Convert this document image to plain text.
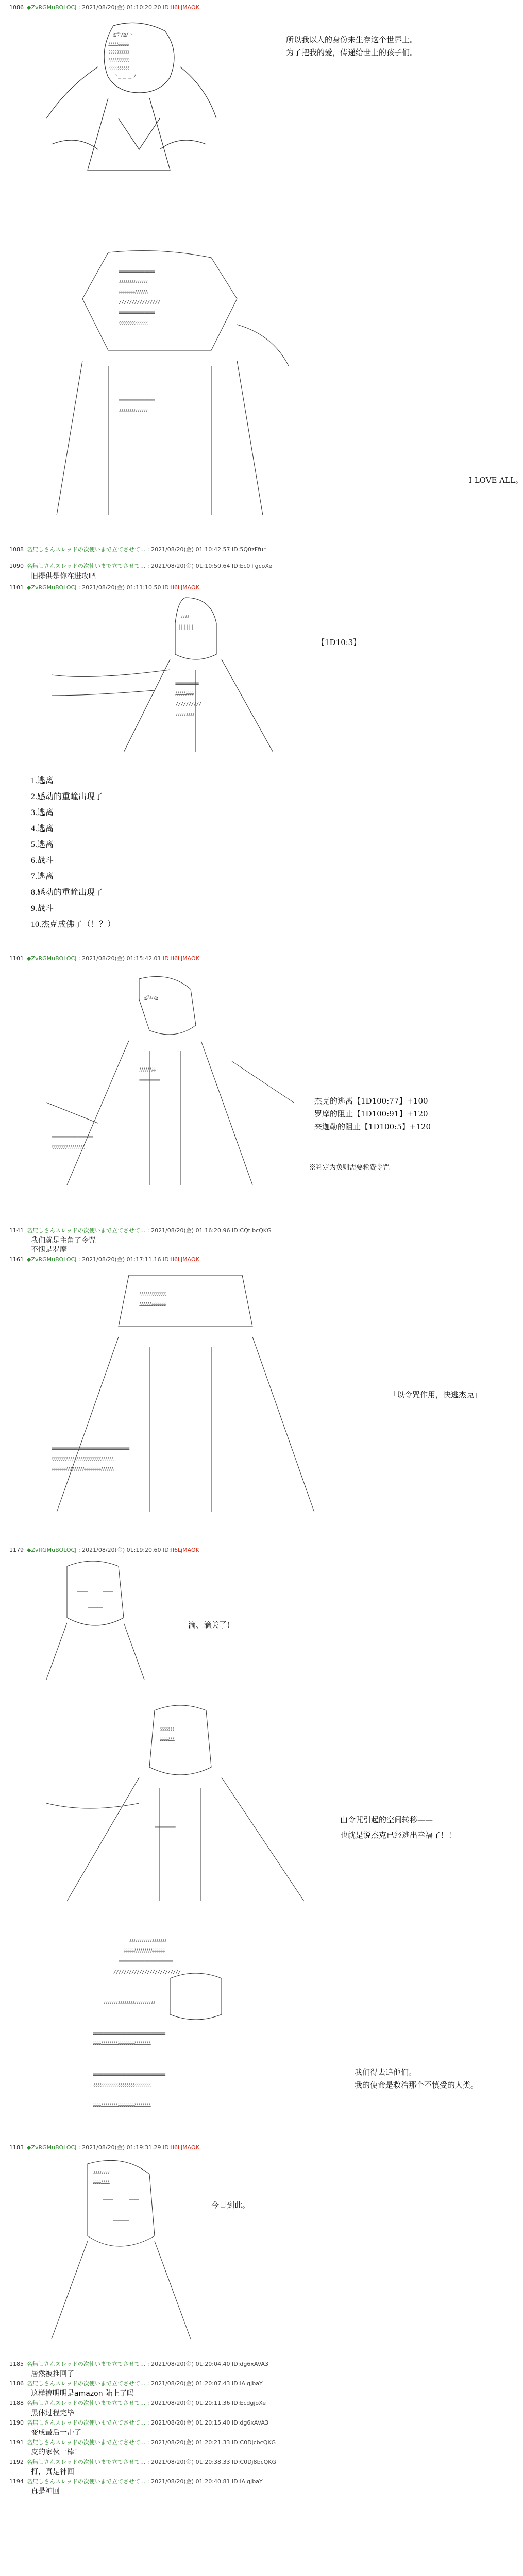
1086 ◆ZvRGMuBOLOCJ : 2021/08/20(金) 01:10:20.20 ID:II6LjMAOK
≦テ/≧/ヽ
ﾑﾑﾑﾑﾑﾑﾑﾑﾑﾑ
ﾐﾐﾐﾐﾐﾐﾐﾐﾐﾐ
ﾐﾐﾐﾐﾐﾐﾐﾐﾐﾐ
ﾐﾐﾐﾐﾐﾐﾐﾐﾐﾐ
ヽ_ _ _ /
所以我以人的身份来生存这个世界上。
为了把我的爱，传递给世上的孩子们。
≡≡≡≡≡≡≡≡≡≡≡≡≡≡
ﾐﾐﾐﾐﾐﾐﾐﾐﾐﾐﾐﾐﾐﾐ
ﾑﾑﾑﾑﾑﾑﾑﾑﾑﾑﾑﾑﾑﾑ
////////////////
≡≡≡≡≡≡≡≡≡≡≡≡≡≡
ﾐﾐﾐﾐﾐﾐﾐﾐﾐﾐﾐﾐﾐﾐ
≡≡≡≡≡≡≡≡≡≡≡≡≡≡
ﾐﾐﾐﾐﾐﾐﾐﾐﾐﾐﾐﾐﾐﾐ
I LOVE ALL。
1088 名無しさんスレッドの次使いまで立てさせて... : 2021/08/20(金) 01:10:42.57 ID:5Q0zFfur
1090 名無しさんスレッドの次使いまで立てさせて... : 2021/08/20(金) 01:10:50.64 ID:Ec0+gcoXe
旧提供是你在进攻吧
1101 ◆ZvRGMuBOLOCJ : 2021/08/20(金) 01:11:10.50 ID:II6LjMAOK
ﾐﾐﾐﾐ
||||||
≡≡≡≡≡≡≡≡≡
ﾑﾑﾑﾑﾑﾑﾑﾑﾑ
//////////
ﾐﾐﾐﾐﾐﾐﾐﾐﾐ
【1D10:3】
1.逃离
2.感动的重瞳出现了
3.逃离
4.逃离
5.逃离
6.战斗
7.逃离
8.感动的重瞳出现了
9.战斗
10.杰克成佛了（！？）
1101 ◆ZvRGMuBOLOCJ : 2021/08/20(金) 01:15:42.01 ID:II6LjMAOK
≦ﾃﾐﾐﾐ≧
ﾑﾑﾑﾑﾑﾑﾑﾑ
≡≡≡≡≡≡≡≡
≡≡≡≡≡≡≡≡≡≡≡≡≡≡≡≡
ﾐﾐﾐﾐﾐﾐﾐﾐﾐﾐﾐﾐﾐﾐﾐﾐ
杰克的逃离【1D100:77】+100
罗摩的阻止【1D100:91】+120
来迦勒的阻止【1D100:5】+120
※判定为负则需要耗费令咒
1141 名無しさんスレッドの次使いまで立てさせて... : 2021/08/20(金) 01:16:20.96 ID:CQtjbcQKG
我们就是主角了令咒
不愧是罗摩
1161 ◆ZvRGMuBOLOCJ : 2021/08/20(金) 01:17:11.16 ID:II6LjMAOK
ﾐﾐﾐﾐﾐﾐﾐﾐﾐﾐﾐﾐﾐ
ﾑﾑﾑﾑﾑﾑﾑﾑﾑﾑﾑﾑﾑ
≡≡≡≡≡≡≡≡≡≡≡≡≡≡≡≡≡≡≡≡≡≡≡≡≡≡≡≡≡≡
ﾐﾐﾐﾐﾐﾐﾐﾐﾐﾐﾐﾐﾐﾐﾐﾐﾐﾐﾐﾐﾐﾐﾐﾐﾐﾐﾐﾐﾐﾐ
ﾑﾑﾑﾑﾑﾑﾑﾑﾑﾑﾑﾑﾑﾑﾑﾑﾑﾑﾑﾑﾑﾑﾑﾑﾑﾑﾑﾑﾑﾑ
「以令咒作用，快逃杰克」
1179 ◆ZvRGMuBOLOCJ : 2021/08/20(金) 01:19:20.60 ID:II6LjMAOK
滴、滴关了!
ﾐﾐﾐﾐﾐﾐﾐ
ﾑﾑﾑﾑﾑﾑﾑ
≡≡≡≡≡≡≡≡
由令咒引起的空间转移——
也就是说杰克已经逃出幸福了！！
ﾐﾐﾐﾐﾐﾐﾐﾐﾐﾐﾐﾐﾐﾐﾐﾐﾐﾐ
ﾑﾑﾑﾑﾑﾑﾑﾑﾑﾑﾑﾑﾑﾑﾑﾑﾑﾑﾑﾑ
≡≡≡≡≡≡≡≡≡≡≡≡≡≡≡≡≡≡≡≡≡
//////////////////////////
ﾐﾐﾐﾐﾐﾐﾐﾐﾐﾐﾐﾐﾐﾐﾐﾐﾐﾐﾐﾐﾐﾐﾐﾐﾐ
≡≡≡≡≡≡≡≡≡≡≡≡≡≡≡≡≡≡≡≡≡≡≡≡≡≡≡≡
ﾑﾑﾑﾑﾑﾑﾑﾑﾑﾑﾑﾑﾑﾑﾑﾑﾑﾑﾑﾑﾑﾑﾑﾑﾑﾑﾑﾑ
≡≡≡≡≡≡≡≡≡≡≡≡≡≡≡≡≡≡≡≡≡≡≡≡≡≡≡≡
ﾐﾐﾐﾐﾐﾐﾐﾐﾐﾐﾐﾐﾐﾐﾐﾐﾐﾐﾐﾐﾐﾐﾐﾐﾐﾐﾐﾐ
ﾑﾑﾑﾑﾑﾑﾑﾑﾑﾑﾑﾑﾑﾑﾑﾑﾑﾑﾑﾑﾑﾑﾑﾑﾑﾑﾑﾑ
我们得去追他们。
我的使命是救治那个不慎受的人类。
1183 ◆ZvRGMuBOLOCJ : 2021/08/20(金) 01:19:31.29 ID:II6LjMAOK
ﾐﾐﾐﾐﾐﾐﾐﾐ
ﾑﾑﾑﾑﾑﾑﾑﾑ
今日到此。
1185 名無しさんスレッドの次使いまで立てさせて... : 2021/08/20(金) 01:20:04.40 ID:dg6xAVA3
居然被推回了
1186 名無しさんスレッドの次使いまで立てさせて... : 2021/08/20(金) 01:20:07.43 ID:lAlgJbaY
这样搞明明是amazon 陆上了吗
1188 名無しさんスレッドの次使いまで立てさせて... : 2021/08/20(金) 01:20:11.36 ID:EcdgjoXe
黑体过程完毕
1190 名無しさんスレッドの次使いまで立てさせて... : 2021/08/20(金) 01:20:15.40 ID:dg6xAVA3
变成最后一击了
1191 名無しさんスレッドの次使いまで立てさせて... : 2021/08/20(金) 01:20:21.33 ID:C0DjcbcQKG
皮的家伙一棒！
1192 名無しさんスレッドの次使いまで立てさせて... : 2021/08/20(金) 01:20:38.33 ID:C0Dj8bcQKG
打，真是神回
1194 名無しさんスレッドの次使いまで立てさせて... : 2021/08/20(金) 01:20:40.81 ID:lAlgJbaY
真是神回
